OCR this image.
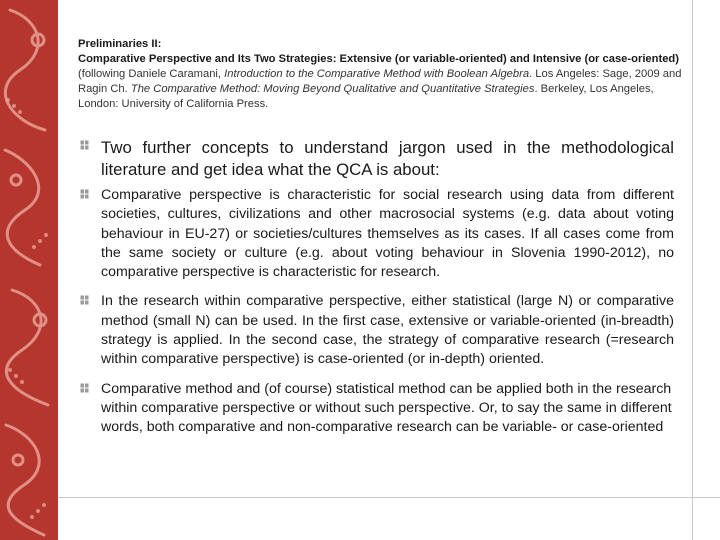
Preliminaries II:
Comparative Perspective and Its Two Strategies: Extensive (or variable-oriented) and Intensive (or case-oriented)
(following Daniele Caramani, Introduction to the Comparative Method with Boolean Algebra. Los Angeles: Sage, 2009 and Ragin Ch. The Comparative Method: Moving Beyond Qualitative and Quantitative Strategies. Berkeley, Los Angeles, London: University of California Press.
Two further concepts to understand jargon used in the methodological literature and get idea what the QCA is about:
Comparative perspective is characteristic for social research using data from different societies, cultures, civilizations and other macrosocial systems (e.g. data about voting behaviour in EU-27) or societies/cultures themselves as its cases. If all cases come from the same society or culture (e.g. about voting behaviour in Slovenia 1990-2012), no comparative perspective is characteristic for research.
In the research within comparative perspective, either statistical (large N) or comparative method (small N) can be used. In the first case, extensive or variable-oriented (in-breadth) strategy is applied. In the second case, the strategy of comparative research (=research within comparative perspective) is case-oriented (or in-depth) oriented.
Comparative method and (of course) statistical method can be applied both in the research within comparative perspective or without such perspective. Or, to say the same in different words, both comparative and non-comparative research can be variable- or case-oriented
